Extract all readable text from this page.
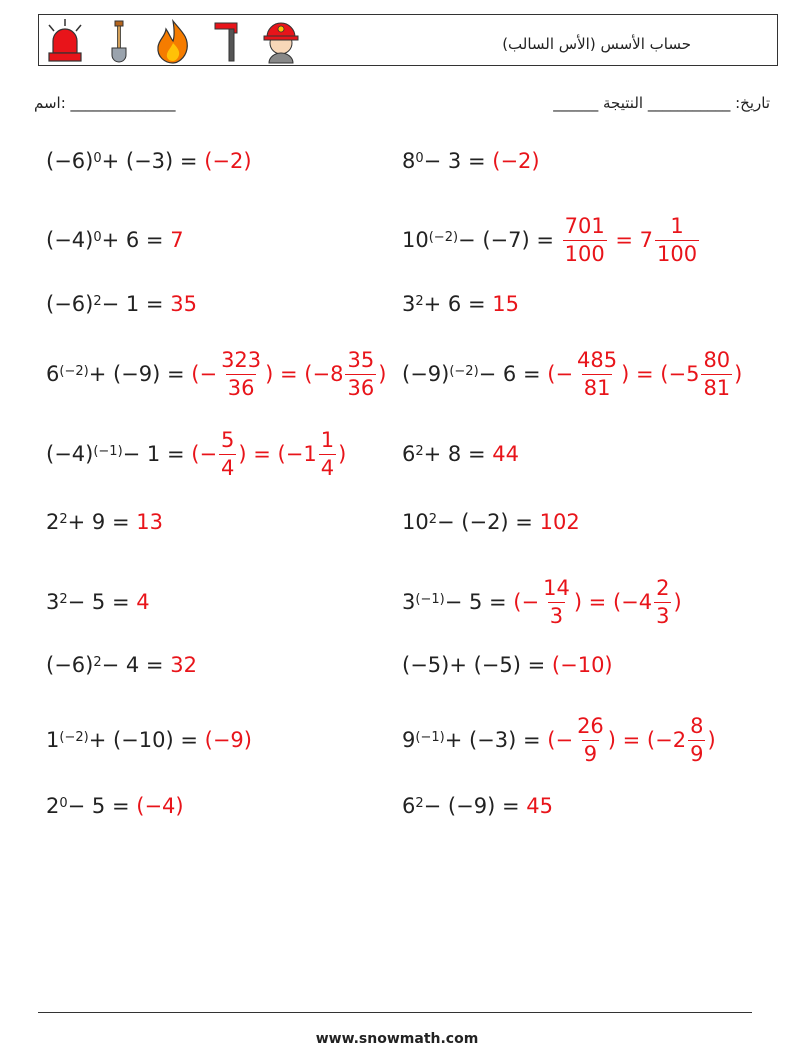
حساب الأسس (الأس السالب)
اسم: ______________	تاريخ: ___________ النتيجة ______
$(-6)^0 + (-3)$ =
(−2)
$(-4)^0 + 6$ =
7
$(-6)^2 - 1$ =
35
$6^{(-2)} + (-9)$ =
(− $\frac{323}{36}$ ) = ($-8 \frac{35}{36}$ )
$(-4)^{(-1)} - 1$ =
(− $\frac{5}{4}$ ) = ($-1 \frac{1}{4}$ )
$2^2 + 9$ =
13
$3^2 - 5$ =
4
$(-6)^2 - 4$ =
32
$1^{(-2)} + (-10)$ =
(−9)
$2^0 - 5$ =
(−4)
$8^0 - 3$ =
(−2)
$10^{(-2)} - (-7)$ =
$\frac{701}{100} = 7 \frac{1}{100}$
$3^2 + 6$ =
15
$(-9)^{(-2)} - 6$ =
(− $\frac{485}{81}$ ) = ($-5 \frac{80}{81}$ )
$6^2 + 8$ =
44
$10^2 - (-2)$ =
102
$3^{(-1)} - 5$ =
(− $\frac{14}{3}$ ) = ($-4 \frac{2}{3}$ )
(−5) + (−5) =
(−10)
$9^{(-1)} + (-3)$ =
(− $\frac{26}{9}$ ) = ($-2 \frac{8}{9}$ )
$6^2 - (-9)$ =
45
www.snowmath.com
